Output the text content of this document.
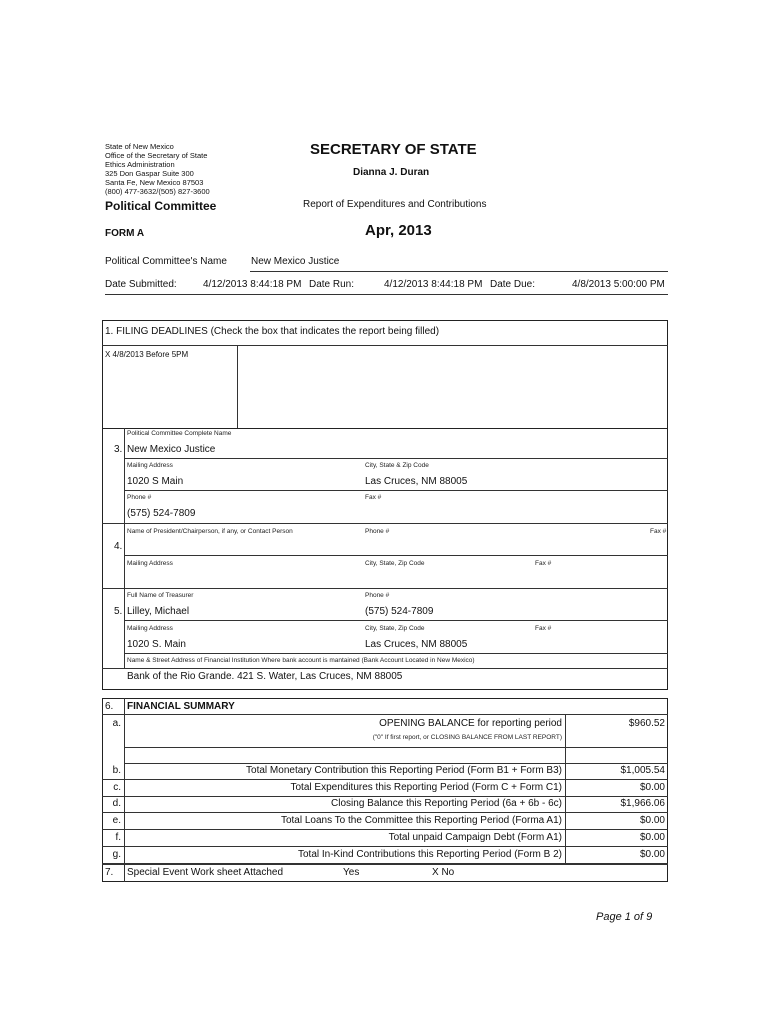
State of New Mexico
Office of the Secretary of State
Ethics Administration
325 Don Gaspar Suite 300
Santa Fe, New Mexico 87503
(800) 477-3632/(505) 827-3600
SECRETARY OF STATE
Dianna J. Duran
Political Committee	Report of Expenditures and Contributions
FORM A	Apr, 2013
Political Committee's Name New Mexico Justice
Date Submitted:	4/12/2013 8:44:18 PM Date Run:	4/12/2013 8:44:18 PM Date Due:	4/8/2013 5:00:00 PM
1. FILING DEADLINES (Check the box that indicates the report being filled)
X 4/8/2013 Before 5PM
Political Committee Complete Name
3. New Mexico Justice
Mailing Address	City, State & Zip Code
1020 S Main	Las Cruces, NM 88005
Phone #	Fax #
(575) 524-7809
Name of President/Chairperson, if any, or Contact Person	Phone #	Fax #
4.
Mailing Address	City, State, Zip Code	Fax #
Full Name of Treasurer	Phone #
5. Lilley, Michael	(575) 524-7809
Mailing Address	City, State, Zip Code	Fax #
1020 S. Main	Las Cruces, NM 88005
Name & Street Address of Financial Institution Where bank account is mantained (Bank Account Located in New Mexico)
Bank of the Rio Grande. 421 S. Water, Las Cruces, NM 88005
6. FINANCIAL SUMMARY
a.	OPENING BALANCE for reporting period	$960.52
b.	Total Monetary Contribution this Reporting Period (Form B1 + Form B3)	$1,005.54
c.	Total Expenditures this Reporting Period (Form C + Form C1)	$0.00
d.	Closing Balance this Reporting Period (6a + 6b - 6c)	$1,966.06
e.	Total Loans To the Committee this Reporting Period (Forma A1)	$0.00
f.	Total unpaid Campaign Debt (Form A1)	$0.00
g.	Total In-Kind Contributions this Reporting Period (Form B 2)	$0.00
("0" If first report, or CLOSING BALANCE FROM LAST REPORT)
7. Special Event Work sheet Attached	Yes	X No
Page 1 of 9
